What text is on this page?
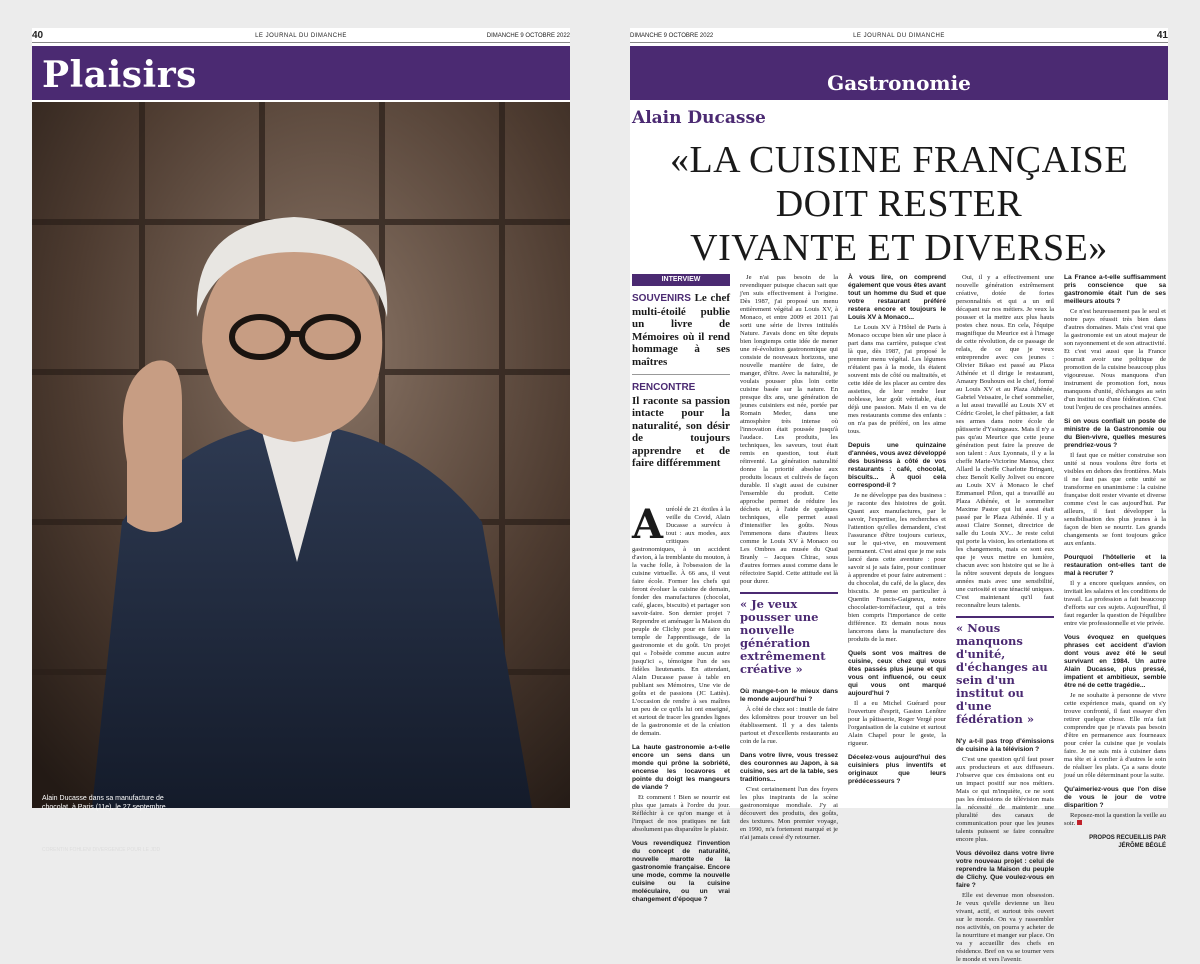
40	LE JOURNAL DU DIMANCHE	DIMANCHE 9 OCTOBRE 2022
Plaisirs
Alain Ducasse dans sa manufacture de chocolat, à Paris (11e), le 27 septembre.
CORENTIN FOHLEN/ DIVERGENCE POUR LE JDD
DIMANCHE 9 OCTOBRE 2022	LE JOURNAL DU DIMANCHE	41
Gastronomie
Alain Ducasse
«LA CUISINE FRANÇAISE
DOIT RESTER
VIVANTE ET DIVERSE»
INTERVIEW
SOUVENIRS Le chef multi-étoilé publie un livre de Mémoires où il rend hommage à ses maîtres
RENCONTRE
Il raconte sa passion intacte pour la naturalité, son désir de toujours apprendre et de faire différemment

Auréolé de 21 étoiles à la veille du Covid, Alain Ducasse a survécu à tout : aux modes, aux critiques gastronomiques, à un accident d'avion, à la tremblante du mouton, à la vache folle, à l'obsession de la cuisine virtuelle. À 66 ans, il veut faire école. Former les chefs qui feront évoluer la cuisine de demain, fonder des manufactures (chocolat, café, glaces, biscuits) et partager son savoir-faire. Son dernier projet ? Reprendre et aménager la Maison du peuple de Clichy pour en faire un temple de l'apprentissage, de la gastronomie et du goût. Un projet qui « l'obsède comme aucun autre jusqu'ici », témoigne l'un de ses fidèles lieutenants. En attendant, Alain Ducasse passe à table en publiant ses Mémoires, Une vie de goûts et de passions (JC Lattès). L'occasion de rendre à ses maîtres un peu de ce qu'ils lui ont enseigné, et surtout de tracer les grandes lignes de la gastronomie et de la création de demain.

La haute gastronomie a-t-elle encore un sens dans un monde qui prône la sobriété, encense les locavores et pointe du doigt les mangeurs de viande ?

Et comment ! Bien se nourrir est plus que jamais à l'ordre du jour. Réfléchir à ce qu'on mange et à l'impact de nos pratiques ne fait absolument pas disparaître le plaisir.

Vous revendiquez l'invention du concept de naturalité, nouvelle marotte de la gastronomie française. Encore une mode, comme la nouvelle cuisine ou la cuisine moléculaire, ou un vrai changement d'époque ?

Je n'ai pas besoin de la revendiquer puisque chacun sait que j'en suis effectivement à l'origine. Dès 1987, j'ai proposé un menu entièrement végétal au Louis XV, à Monaco, et entre 2009 et 2011 j'ai sorti une série de livres intitulés Nature. J'avais donc en tête depuis bien longtemps cette idée de mener une ré-évolution gastronomique qui consiste de nouveaux horizons, une nouvelle manière de faire, de manger, d'être. Avec la naturalité, je voulais pousser plus loin cette cuisine basée sur la nature. En presque dix ans, une génération de jeunes cuisiniers est née, portée par Romain Meder, dans une atmosphère très intense où l'innovation était poussée jusqu'à l'audace. Les produits, les techniques, les saveurs, tout était remis en question, tout était réinventé. La génération naturalité donne la priorité absolue aux produits locaux et cultivés de façon durable. Il s'agit aussi de cuisiner l'ensemble du produit. Cette approche permet de réduire les déchets et, à l'aide de quelques techniques, elle permet aussi d'intensifier les goûts. Nous l'emmenons dans d'autres lieux comme le Louis XV à Monaco ou Les Ombres au musée du Quai Branly – Jacques Chirac, sous d'autres formes aussi comme dans le réfectoire Sapid. Cette attitude est là pour durer.

« Je veux pousser une nouvelle génération extrêmement créative »

Où mange-t-on le mieux dans le monde aujourd'hui ?

À côté de chez soi : inutile de faire des kilomètres pour trouver un bel établissement. Il y a des talents partout et d'excellents restaurants au coin de la rue.

Dans votre livre, vous tressez des couronnes au Japon, à sa cuisine, ses art de la table, ses traditions...

C'est certainement l'un des foyers les plus inspirants de la scène gastronomique mondiale. J'y ai découvert des produits, des goûts, des textures. Mon premier voyage, en 1990, m'a fortement marqué et je n'ai jamais cessé d'y retourner.

À vous lire, on comprend également que vous êtes avant tout un homme du Sud et que votre restaurant préféré restera encore et toujours le Louis XV à Monaco...

Le Louis XV à l'Hôtel de Paris à Monaco occupe bien sûr une place à part dans ma carrière, puisque c'est là que, dès 1987, j'ai proposé le premier menu végétal. Les légumes n'étaient pas à la mode, ils étaient souvent mis de côté ou maltraités, et cette idée de les placer au centre des assiettes, de leur rendre leur noblesse, leur goût véritable, était déjà une passion. Mais il en va de mes restaurants comme des enfants : on n'a pas de préféré, on les aime tous.

Depuis une quinzaine d'années, vous avez développé des business à côté de vos restaurants : café, chocolat, biscuits... À quoi cela correspond-il ?

Je ne développe pas des business : je raconte des histoires de goût. Quant aux manufactures, par le savoir, l'expertise, les recherches et l'attention qu'elles demandent, c'est l'assurance d'être toujours curieux, sur le qui-vive, en mouvement permanent. C'est ainsi que je me suis lancé dans cette aventure : pour savoir si je sais faire, pour continuer à apprendre et pour faire autrement : du chocolat, du café, de la glace, des biscuits. Je pense en particulier à Quentin Francis-Gaigneux, notre chocolatier-torréfacteur, qui a très bien compris l'importance de cette différence. Et demain nous nous lancerons dans la manufacture des produits de la mer.

Quels sont vos maîtres de cuisine, ceux chez qui vous êtes passés plus jeune et qui vous ont influencé, ou ceux qui vous ont marqué aujourd'hui ?

Il a eu Michel Guérard pour l'ouverture d'esprit, Gaston Lenôtre pour la pâtisserie, Roger Vergé pour l'organisation de la cuisine et surtout Alain Chapel pour le geste, la rigueur.

Décelez-vous aujourd'hui des cuisiniers plus inventifs et originaux que leurs prédécesseurs ?

Oui, il y a effectivement une nouvelle génération extrêmement créative, dotée de fortes personnalités et qui a un œil décapant sur nos métiers. Je veux la pousser et la mettre aux plus hauts postes chez nous. En cela, l'équipe magnifique du Meurice est à l'image de cette révolution, de ce passage de relais, de ce que je veux entreprendre avec ces jeunes : Olivier Bikao est passé au Plaza Athénée et il dirige le restaurant, Amaury Bouhours est le chef, formé au Louis XV et au Plaza Athénée, Gabriel Veissaire, le chef sommelier, a lui aussi travaillé au Louis XV et Cédric Grolet, le chef pâtissier, a fait ses armes dans notre école de pâtisserie d'Yssingeaux. Mais il n'y a pas qu'au Meurice que cette jeune génération peut faire la preuve de son talent : Aux Lyonnais, il y a la cheffe Marie-Victorine Manoa, chez Allard la cheffe Charlotte Bringant, chez Benoît Kelly Jolivet ou encore au Louis XV à Monaco le chef Emmanuel Pilon, qui a travaillé au Plaza Athénée, et le sommelier Maxime Pastor qui lui aussi était passé par le Plaza Athénée. Il y a aussi Claire Sonnet, directrice de salle du Louis XV... Je reste celui qui porte la vision, les orientations et les changements, mais ce sont eux que je veux mettre en lumière, chacun avec son histoire qui se lie à la nôtre souvent depuis de longues années mais avec une sensibilité, une curiosité et une ténacité uniques. C'est maintenant qu'il faut reconnaître leurs talents.

« Nous manquons d'unité, d'échanges au sein d'un institut ou d'une fédération »

N'y a-t-il pas trop d'émissions de cuisine à la télévision ?

C'est une question qu'il faut poser aux producteurs et aux diffuseurs. J'observe que ces émissions ont eu un impact positif sur nos métiers. Mais ce qui m'inquiète, ce ne sont pas les émissions de télévision mais la nécessité de maintenir une pluralité des canaux de communication pour que les jeunes talents puissent se faire connaître encore plus.

Vous dévoilez dans votre livre votre nouveau projet : celui de reprendre la Maison du peuple de Clichy. Que voulez-vous en faire ?

Elle est devenue mon obsession. Je veux qu'elle devienne un lieu vivant, actif, et surtout très ouvert sur le monde. On va y rassembler nos activités, on pourra y acheter de la nourriture et manger sur place. On va y accueillir des chefs en résidence. Bref on va se tourner vers le monde et vers l'avenir.

La France a-t-elle suffisamment pris conscience que sa gastronomie était l'un de ses meilleurs atouts ?

Ce n'est heureusement pas le seul et notre pays réussit très bien dans d'autres domaines. Mais c'est vrai que la gastronomie est un atout majeur de son rayonnement et de son attractivité. Et c'est vrai aussi que la France pourrait avoir une politique de promotion de la cuisine beaucoup plus vigoureuse. Nous manquons d'un instrument de promotion fort, nous manquons d'unité, d'échanges au sein d'un institut ou d'une fédération. C'est tout l'enjeu de ces prochaines années.

Si on vous confiait un poste de ministre de la Gastronomie ou du Bien-vivre, quelles mesures prendriez-vous ?

Il faut que ce métier construise son unité si nous voulons être forts et visibles en dehors des frontières. Mais il ne faut pas que cette unité se transforme en unanimisme : la cuisine française doit rester vivante et diverse comme c'est le cas aujourd'hui. Par ailleurs, il faut développer la sensibilisation des plus jeunes à la façon de bien se nourrir. Les grands changements se font toujours grâce aux enfants.

Pourquoi l'hôtellerie et la restauration ont-elles tant de mal à recruter ?

Il y a encore quelques années, on invitait les salaires et les conditions de travail. La profession a fait beaucoup d'efforts sur ces sujets. Aujourd'hui, il faut regarder la question de l'équilibre entre vie professionnelle et vie privée.

Vous évoquez en quelques phrases cet accident d'avion dont vous avez été le seul survivant en 1984. Un autre Alain Ducasse, plus pressé, impatient et ambitieux, semble être né de cette tragédie...

Je ne souhaite à personne de vivre cette expérience mais, quand on s'y trouve confronté, il faut essayer d'en retirer quelque chose. Elle m'a fait comprendre que je n'avais pas besoin d'être en permanence aux fourneaux pour créer la cuisine que je voulais faire. Je ne suis mis à cuisiner dans ma tête et à confier à d'autres le soin de réaliser les plats. Ça a sans doute joué un rôle déterminant pour la suite.

Qu'aimeriez-vous que l'on dise de vous le jour de votre disparition ?

Reposez-moi la question la veille au soir.

PROPOS RECUEILLIS PAR JÉRÔME BÉGLÉ
